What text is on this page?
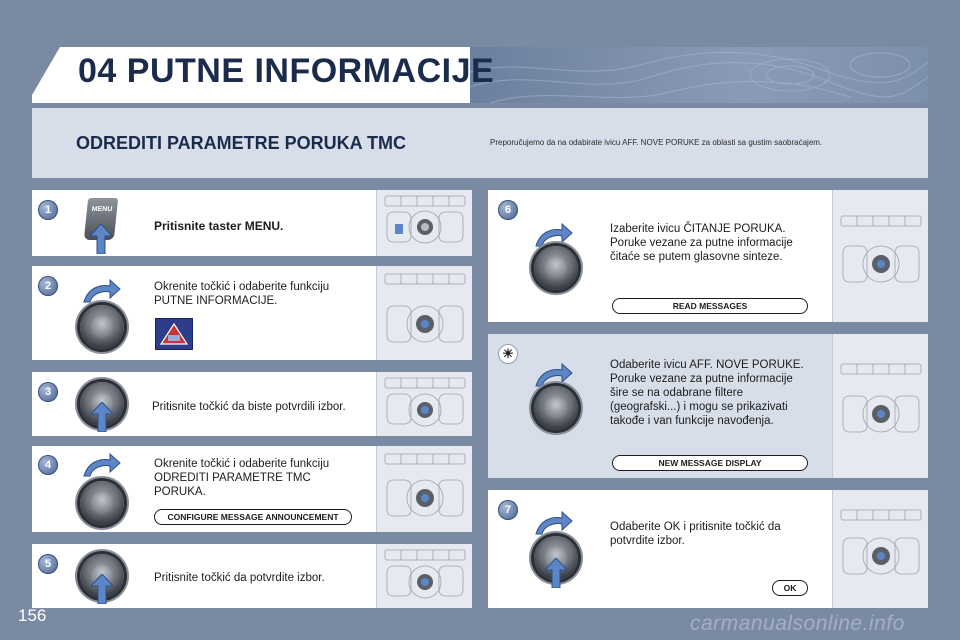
04 PUTNE INFORMACIJE
ODREDITI PARAMETRE PORUKA TMC	Preporučujemo da na odabirate ivicu AFF. NOVE PORUKE za oblasti sa gustim saobraćajem.
1	MENU
Pritisnite taster MENU.
2	Okrenite točkić i odaberite funkciju
PUTNE INFORMACIJE.
3
Pritisnite točkić da biste potvrdili izbor.
4	Okrenite točkić i odaberite funkciju
ODREDITI PARAMETRE TMC
PORUKA.
CONFIGURE MESSAGE ANNOUNCEMENT
5
Pritisnite točkić da potvrdite izbor.
6
Izaberite ivicu ČITANJE PORUKA.
Poruke vezane za putne informacije
čitaće se putem glasovne sinteze.
READ MESSAGES
☀
Odaberite ivicu AFF. NOVE PORUKE.
Poruke vezane za putne informacije
šire se na odabrane filtere
(geografski...) i mogu se prikazivati
takođe i van funkcije navođenja.
NEW MESSAGE DISPLAY
7
Odaberite OK i pritisnite točkić da
potvrdite izbor.
OK
156	carmanualsonline.info
